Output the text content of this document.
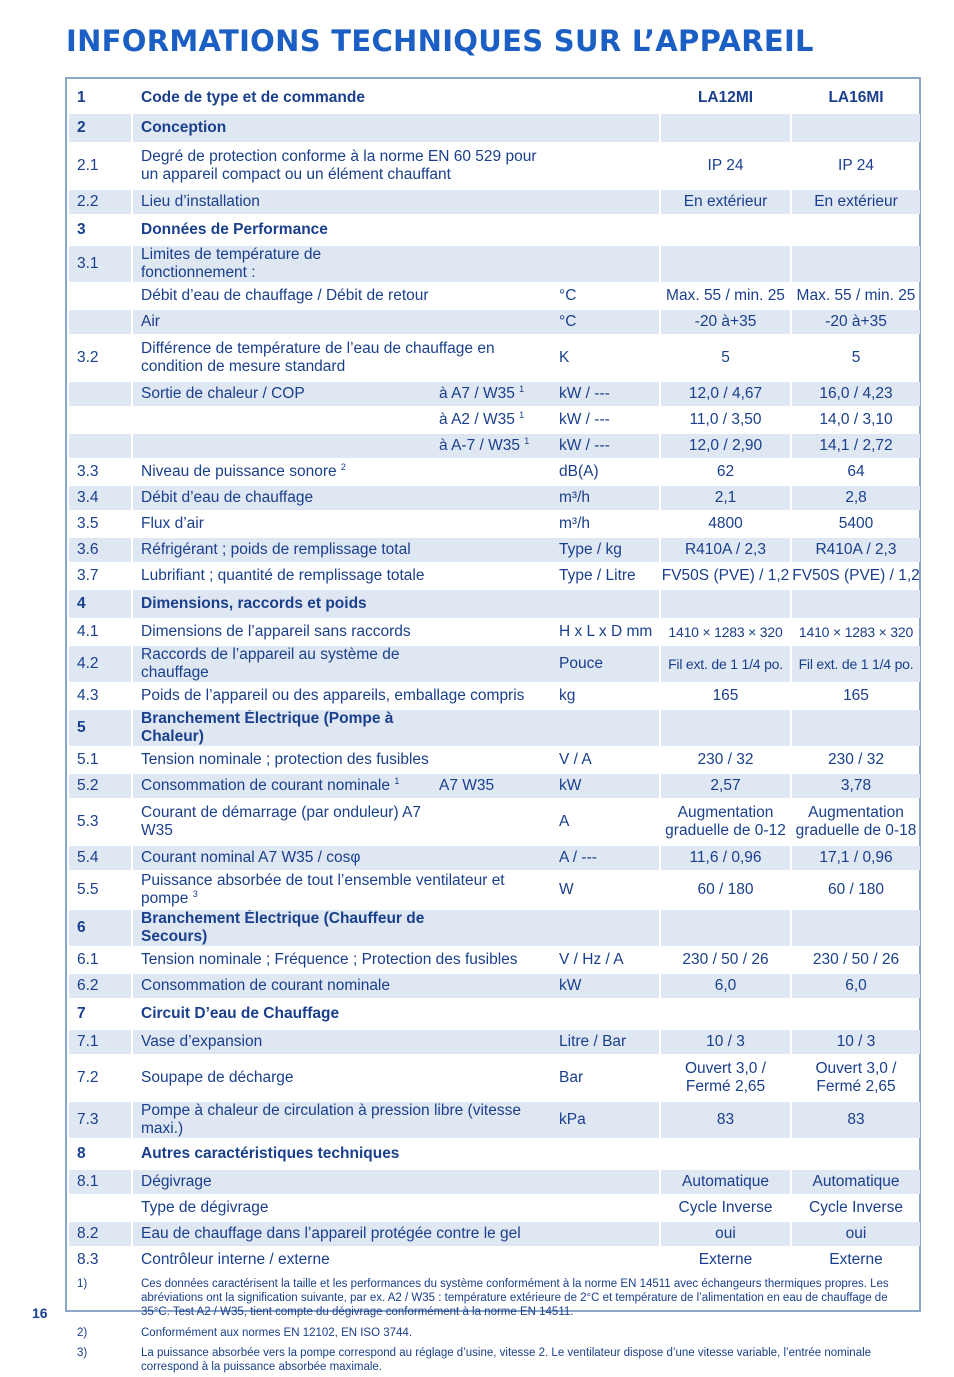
INFORMATIONS TECHNIQUES SUR L’APPAREIL
1	Code de type et de commande			LA12MI	LA16MI
2	Conception				
2.1	Degré de protection conforme à la norme EN 60 529 pour un appareil compact ou un élément chauffant			IP 24	IP 24
2.2	Lieu d’installation			En extérieur	En extérieur
3	Données de Performance				
3.1	Limites de température de fonctionnement :				
	Débit d’eau de chauffage / Débit de retour		°C	Max. 55 / min. 25	Max. 55 / min. 25
	Air		°C	-20 à+35	-20 à+35
3.2	Différence de température de l’eau de chauffage en condition de mesure standard		K	5	5
	Sortie de chaleur / COP	à A7 / W35 $^1$	kW / ---	12,0 / 4,67	16,0 / 4,23
		à A2 / W35 $^1$	kW / ---	11,0 / 3,50	14,0 / 3,10
		à A-7 / W35 $^1$	kW / ---	12,0 / 2,90	14,1 / 2,72
3.3	Niveau de puissance sonore $^2$		dB(A)	62	64
3.4	Débit d’eau de chauffage		m³/h	2,1	2,8
3.5	Flux d’air		m³/h	4800	5400
3.6	Réfrigérant ; poids de remplissage total		Type / kg	R410A / 2,3	R410A / 2,3
3.7	Lubrifiant ; quantité de remplissage totale		Type / Litre	FV50S (PVE) / 1,2	FV50S (PVE) / 1,2
4	Dimensions, raccords et poids				
4.1	Dimensions de l’appareil sans raccords		H x L x D mm	1410 × 1283 × 320	1410 × 1283 × 320
4.2	Raccords de l’appareil au système de chauffage		Pouce	Fil ext. de 1 1/4 po.	Fil ext. de 1 1/4 po.
4.3	Poids de l’appareil ou des appareils, emballage compris		kg	165	165
5	Branchement Électrique (Pompe à Chaleur)				
5.1	Tension nominale ; protection des fusibles		V / A	230 / 32	230 / 32
5.2	Consommation de courant nominale $^1$	A7 W35	kW	2,57	3,78
5.3	Courant de démarrage (par onduleur) A7 W35		A	Augmentation graduelle de 0-12	Augmentation graduelle de 0-18
5.4	Courant nominal A7 W35 / cosφ		A / ---	11,6 / 0,96	17,1 / 0,96
5.5	Puissance absorbée de tout l’ensemble ventilateur et pompe $^3$		W	60 / 180	60 / 180
6	Branchement Électrique (Chauffeur de Secours)				
6.1	Tension nominale ; Fréquence ; Protection des fusibles		V / Hz / A	230 / 50 / 26	230 / 50 / 26
6.2	Consommation de courant nominale		kW	6,0	6,0
7	Circuit D’eau de Chauffage				
7.1	Vase d’expansion		Litre / Bar	10 / 3	10 / 3
7.2	Soupape de décharge		Bar	Ouvert 3,0 / Fermé 2,65	Ouvert 3,0 / Fermé 2,65
7.3	Pompe à chaleur de circulation à pression libre (vitesse maxi.)		kPa	83	83
8	Autres caractéristiques techniques				
8.1	Dégivrage			Automatique	Automatique
	Type de dégivrage			Cycle Inverse	Cycle Inverse
8.2	Eau de chauffage dans l’appareil protégée contre le gel			oui	oui
8.3	Contrôleur interne / externe			Externe	Externe
1)	Ces données caractérisent la taille et les performances du système conformément à la norme EN 14511 avec échangeurs thermiques propres. Les abréviations ont la signification suivante, par ex. A2 / W35 : température extérieure de 2°C et température de l’alimentation en eau de chauffage de 35°C. Test A2 / W35, tient compte du dégivrage conformément à la norme EN 14511.				
2)	Conformément aux normes EN 12102, EN ISO 3744.				
3)	La puissance absorbée vers la pompe correspond au réglage d’usine, vitesse 2. Le ventilateur dispose d’une vitesse variable, l’entrée nominale correspond à la puissance absorbée maximale.				
16
